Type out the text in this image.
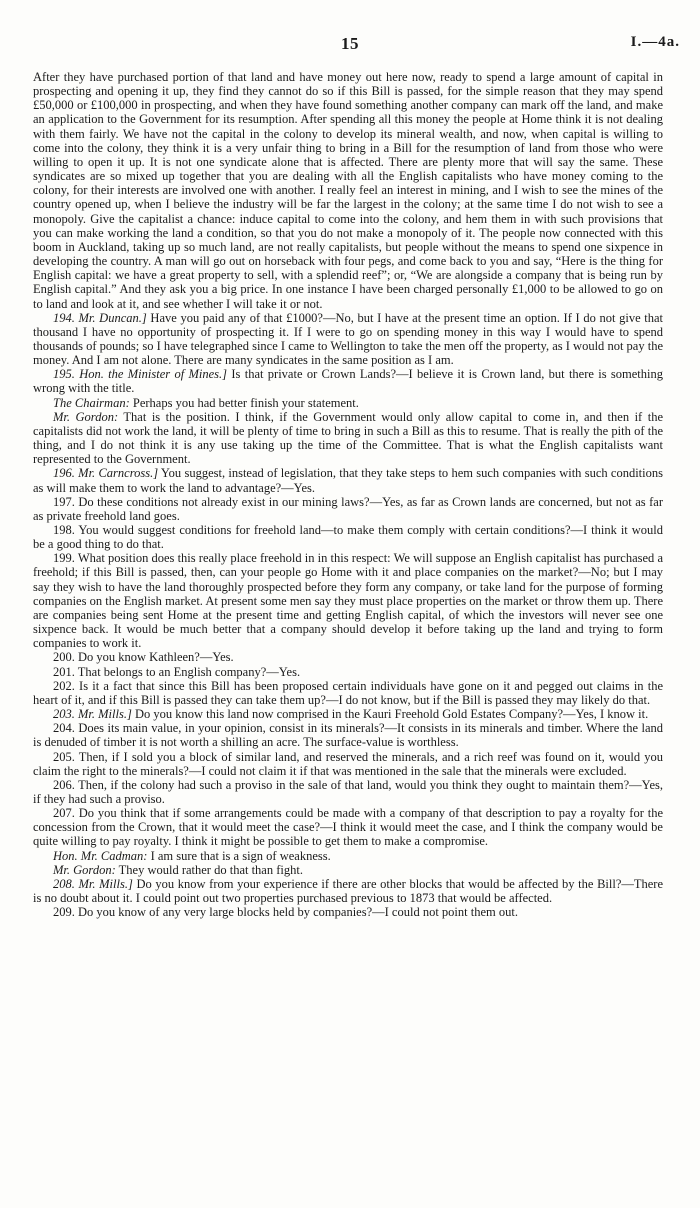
15	I.—4a.

After they have purchased portion of that land and have money out here now, ready to spend a large amount of capital in prospecting and opening it up, they find they cannot do so if this Bill is passed, for the simple reason that they may spend £50,000 or £100,000 in prospecting, and when they have found something another company can mark off the land, and make an application to the Government for its resumption. After spending all this money the people at Home think it is not dealing with them fairly. We have not the capital in the colony to develop its mineral wealth, and now, when capital is willing to come into the colony, they think it is a very unfair thing to bring in a Bill for the resumption of land from those who were willing to open it up. It is not one syndicate alone that is affected. There are plenty more that will say the same. These syndicates are so mixed up together that you are dealing with all the English capitalists who have money coming to the colony, for their interests are involved one with another. I really feel an interest in mining, and I wish to see the mines of the country opened up, when I believe the industry will be far the largest in the colony; at the same time I do not wish to see a monopoly. Give the capitalist a chance: induce capital to come into the colony, and hem them in with such provisions that you can make working the land a condition, so that you do not make a monopoly of it. The people now connected with this boom in Auckland, taking up so much land, are not really capitalists, but people without the means to spend one sixpence in developing the country. A man will go out on horseback with four pegs, and come back to you and say, “Here is the thing for English capital: we have a great property to sell, with a splendid reef”; or, “We are alongside a company that is being run by English capital.” And they ask you a big price. In one instance I have been charged personally £1,000 to be allowed to go on to land and look at it, and see whether I will take it or not.

194. Mr. Duncan.] Have you paid any of that £1000?—No, but I have at the present time an option. If I do not give that thousand I have no opportunity of prospecting it. If I were to go on spending money in this way I would have to spend thousands of pounds; so I have telegraphed since I came to Wellington to take the men off the property, as I would not pay the money. And I am not alone. There are many syndicates in the same position as I am.

195. Hon. the Minister of Mines.] Is that private or Crown Lands?—I believe it is Crown land, but there is something wrong with the title.

The Chairman: Perhaps you had better finish your statement.

Mr. Gordon: That is the position. I think, if the Government would only allow capital to come in, and then if the capitalists did not work the land, it will be plenty of time to bring in such a Bill as this to resume. That is really the pith of the thing, and I do not think it is any use taking up the time of the Committee. That is what the English capitalists want represented to the Government.

196. Mr. Carncross.] You suggest, instead of legislation, that they take steps to hem such companies with such conditions as will make them to work the land to advantage?—Yes.

197. Do these conditions not already exist in our mining laws?—Yes, as far as Crown lands are concerned, but not as far as private freehold land goes.

198. You would suggest conditions for freehold land—to make them comply with certain conditions?—I think it would be a good thing to do that.

199. What position does this really place freehold in in this respect: We will suppose an English capitalist has purchased a freehold; if this Bill is passed, then, can your people go Home with it and place companies on the market?—No; but I may say they wish to have the land thoroughly prospected before they form any company, or take land for the purpose of forming companies on the English market. At present some men say they must place properties on the market or throw them up. There are companies being sent Home at the present time and getting English capital, of which the investors will never see one sixpence back. It would be much better that a company should develop it before taking up the land and trying to form companies to work it.

200. Do you know Kathleen?—Yes.

201. That belongs to an English company?—Yes.

202. Is it a fact that since this Bill has been proposed certain individuals have gone on it and pegged out claims in the heart of it, and if this Bill is passed they can take them up?—I do not know, but if the Bill is passed they may likely do that.

203. Mr. Mills.] Do you know this land now comprised in the Kauri Freehold Gold Estates Company?—Yes, I know it.

204. Does its main value, in your opinion, consist in its minerals?—It consists in its minerals and timber. Where the land is denuded of timber it is not worth a shilling an acre. The surface-value is worthless.

205. Then, if I sold you a block of similar land, and reserved the minerals, and a rich reef was found on it, would you claim the right to the minerals?—I could not claim it if that was mentioned in the sale that the minerals were excluded.

206. Then, if the colony had such a proviso in the sale of that land, would you think they ought to maintain them?—Yes, if they had such a proviso.

207. Do you think that if some arrangements could be made with a company of that description to pay a royalty for the concession from the Crown, that it would meet the case?—I think it would meet the case, and I think the company would be quite willing to pay royalty. I think it might be possible to get them to make a compromise.

Hon. Mr. Cadman: I am sure that is a sign of weakness.

Mr. Gordon: They would rather do that than fight.

208. Mr. Mills.] Do you know from your experience if there are other blocks that would be affected by the Bill?—There is no doubt about it. I could point out two properties purchased previous to 1873 that would be affected.

209. Do you know of any very large blocks held by companies?—I could not point them out.
